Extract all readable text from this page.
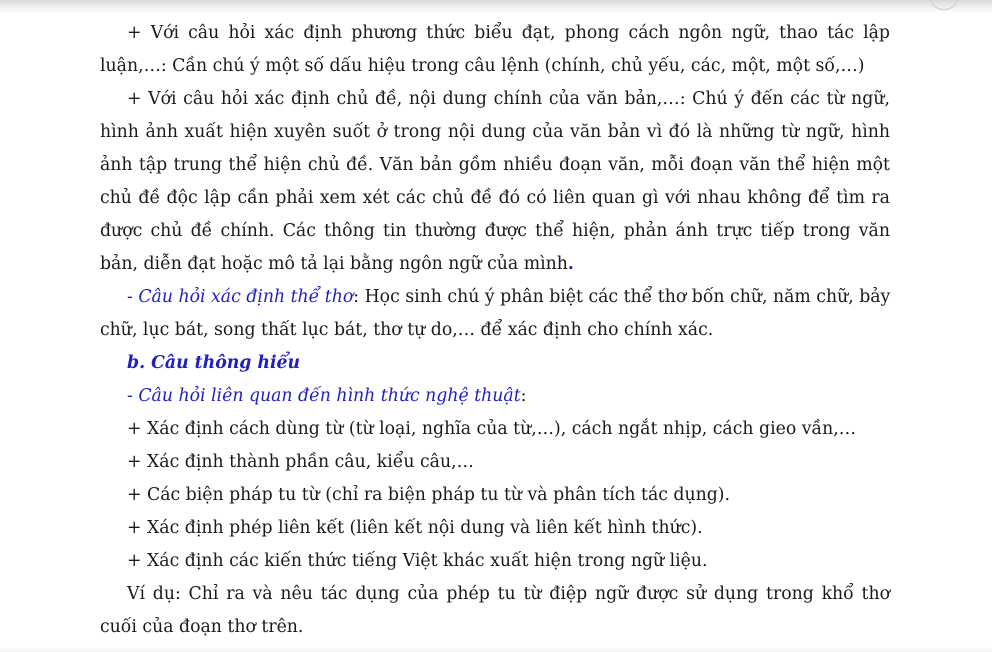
+ Với câu hỏi xác định phương thức biểu đạt, phong cách ngôn ngữ, thao tác lập
luận,…: Cần chú ý một số dấu hiệu trong câu lệnh (chính, chủ yếu, các, một, một số,…)
+ Với câu hỏi xác định chủ đề, nội dung chính của văn bản,…: Chú ý đến các từ ngữ,
hình ảnh xuất hiện xuyên suốt ở trong nội dung của văn bản vì đó là những từ ngữ, hình
ảnh tập trung thể hiện chủ đề. Văn bản gồm nhiều đoạn văn, mỗi đoạn văn thể hiện một
chủ đề độc lập cần phải xem xét các chủ đề đó có liên quan gì với nhau không để tìm ra
được chủ đề chính. Các thông tin thường được thể hiện, phản ánh trực tiếp trong văn
bản, diễn đạt hoặc mô tả lại bằng ngôn ngữ của mình.
- Câu hỏi xác định thể thơ: Học sinh chú ý phân biệt các thể thơ bốn chữ, năm chữ, bảy
chữ, lục bát, song thất lục bát, thơ tự do,… để xác định cho chính xác.
b. Câu thông hiểu
- Câu hỏi liên quan đến hình thức nghệ thuật:
+ Xác định cách dùng từ (từ loại, nghĩa của từ,…), cách ngắt nhịp, cách gieo vần,…
+ Xác định thành phần câu, kiểu câu,…
+ Các biện pháp tu từ (chỉ ra biện pháp tu từ và phân tích tác dụng).
+ Xác định phép liên kết (liên kết nội dung và liên kết hình thức).
+ Xác định các kiến thức tiếng Việt khác xuất hiện trong ngữ liệu.
Ví dụ: Chỉ ra và nêu tác dụng của phép tu từ điệp ngữ được sử dụng trong khổ thơ
cuối của đoạn thơ trên.
